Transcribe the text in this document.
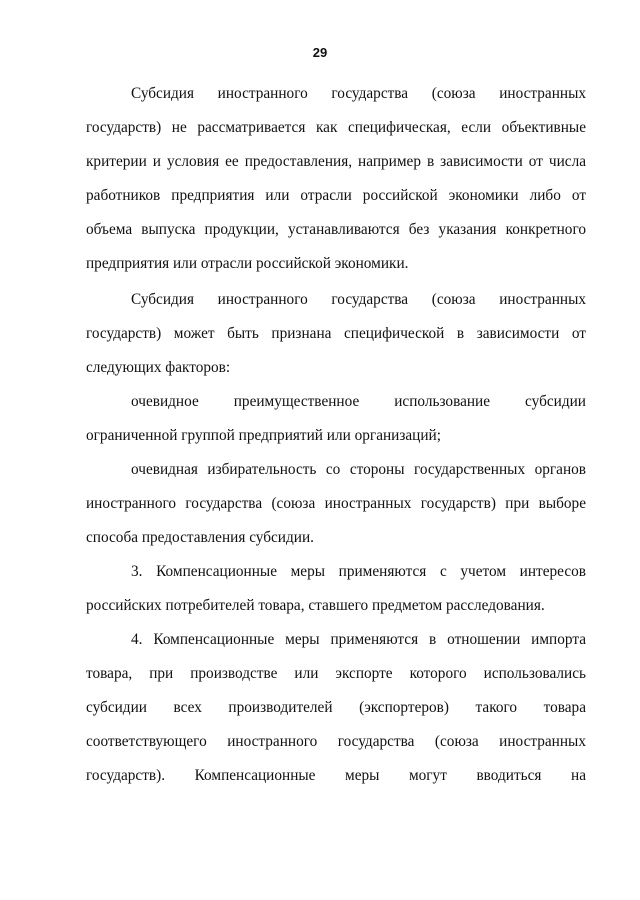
29
Субсидия иностранного государства (союза иностранных
государств) не рассматривается как специфическая, если объективные
критерии и условия ее предоставления, например в зависимости от числа
работников предприятия или отрасли российской экономики либо от
объема выпуска продукции, устанавливаются без указания конкретного
предприятия или отрасли российской экономики.
Субсидия иностранного государства (союза иностранных
государств) может быть признана специфической в зависимости от
следующих факторов:
очевидное преимущественное использование субсидии
ограниченной группой предприятий или организаций;
очевидная избирательность со стороны государственных органов
иностранного государства (союза иностранных государств) при выборе
способа предоставления субсидии.
3. Компенсационные меры применяются с учетом интересов
российских потребителей товара, ставшего предметом расследования.
4. Компенсационные меры применяются в отношении импорта
товара, при производстве или экспорте которого использовались
субсидии всех производителей (экспортеров) такого товара
соответствующего иностранного государства (союза иностранных
государств). Компенсационные меры могут вводиться на
